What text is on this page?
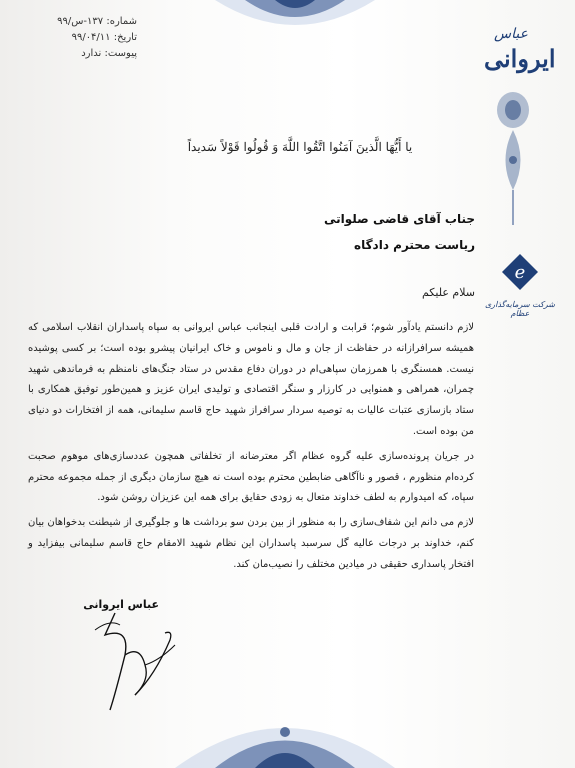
شماره: ۱۳۷-س/۹۹
تاریخ: ۹۹/۰۴/۱۱
پیوست: ندارد
عباس
ایروانی
e
شرکت سرمایه‌گذاری عظام
يا أَيُّهَا الَّذينَ آمَنُوا اتَّقُوا اللَّهَ وَ قُولُوا قَوْلاً سَديداً
جناب آقای قاضی صلواتی
ریاست محترم دادگاه
سلام علیکم

لازم دانستم یادآور شوم؛ قرابت و ارادت قلبی اینجانب عباس ایروانی به سپاه پاسداران انقلاب اسلامی که همیشه سرافرازانه در حفاظت از جان و مال و ناموس و خاک ایرانیان پیشرو بوده است؛ بر کسی پوشیده نیست. همسنگری با همرزمان سپاهی‌ام در دوران دفاع مقدس در ستاد جنگ‌های نامنظم به فرماندهی شهید چمران، همراهی و همنوایی در کارزار و سنگر اقتصادی و تولیدی ایران عزیز و همین‌طور توفیق همکاری با ستاد بازسازی عتبات عالیات به توصیه سردار سرافراز شهید حاج قاسم سلیمانی، همه از افتخارات دو دنیای من بوده است.

در جریان پرونده‌سازی علیه گروه عظام اگر معترضانه از تخلفاتی همچون عددسازی‌های موهوم صحبت کرده‌ام منظورم ، قصور و ناآگاهی ضابطین محترم بوده است نه هیچ سازمان دیگری از جمله مجموعه محترم سپاه، که امیدوارم به لطف خداوند متعال به زودی حقایق برای همه این عزیزان روشن شود.

لازم می دانم این شفاف‌سازی را به منظور از بین بردن سو برداشت ها و جلوگیری از شیطنت بدخواهان بیان کنم، خداوند بر درجات عالیه گل سرسبد پاسداران این نظام شهید الامقام حاج قاسم سلیمانی بیفزاید و افتخار پاسداری حقیقی در میادین مختلف را نصیب‌مان کند.

عباس ایروانی
